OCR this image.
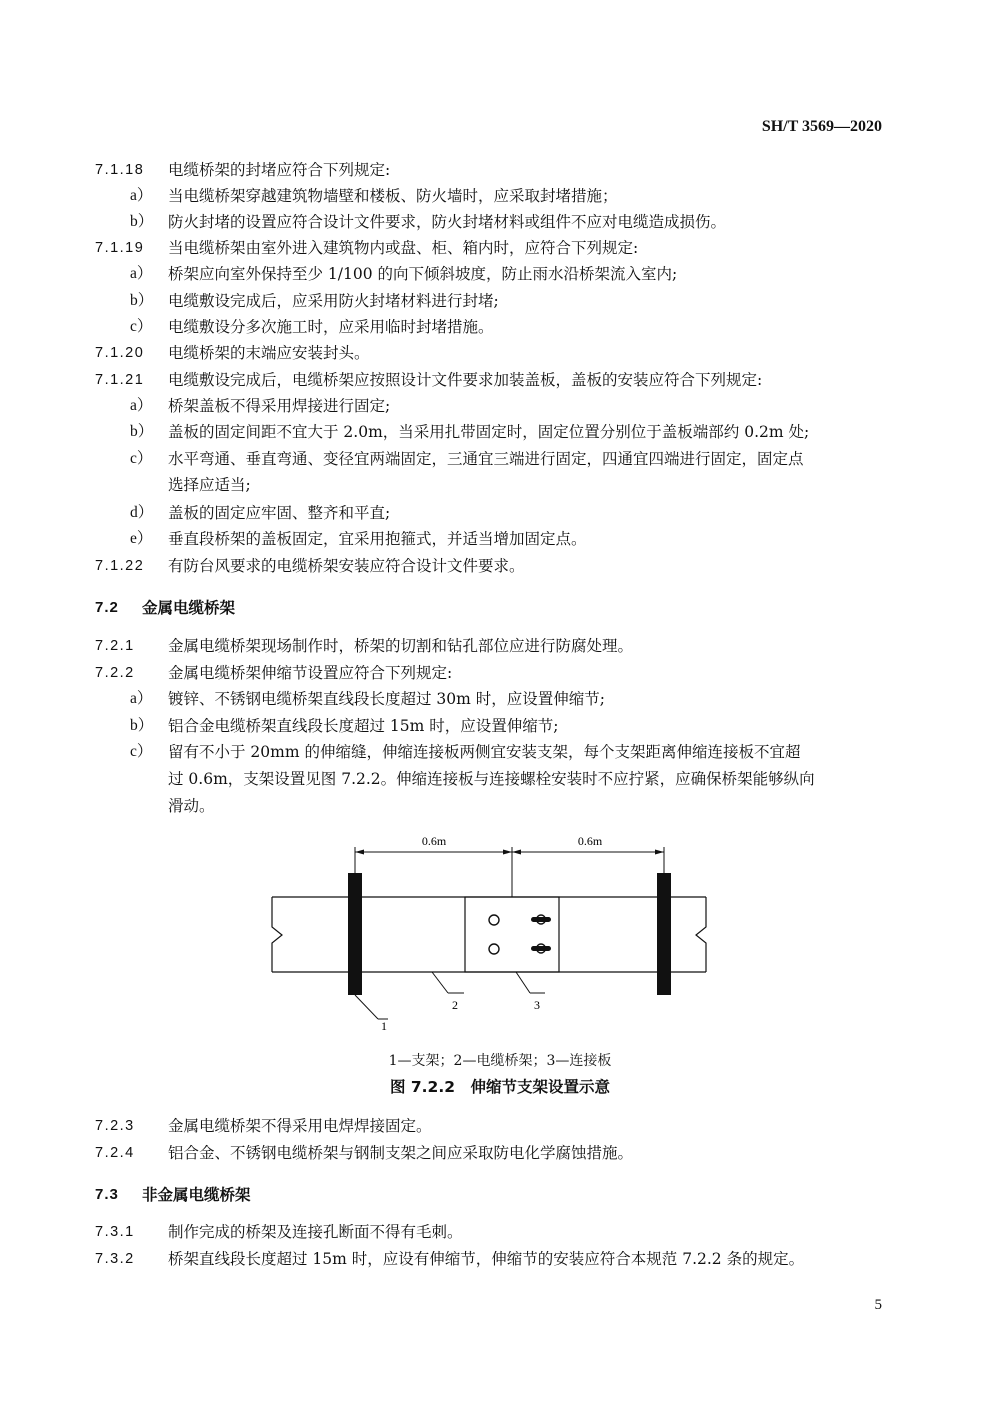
SH/T 3569—2020
7.1.18 电缆桥架的封堵应符合下列规定:
a） 当电缆桥架穿越建筑物墙壁和楼板、防火墙时，应采取封堵措施；
b） 防火封堵的设置应符合设计文件要求，防火封堵材料或组件不应对电缆造成损伤。
7.1.19 当电缆桥架由室外进入建筑物内或盘、柜、箱内时，应符合下列规定:
a） 桥架应向室外保持至少 1/100 的向下倾斜坡度，防止雨水沿桥架流入室内;
b） 电缆敷设完成后，应采用防火封堵材料进行封堵;
c） 电缆敷设分多次施工时，应采用临时封堵措施。
7.1.20 电缆桥架的末端应安装封头。
7.1.21 电缆敷设完成后，电缆桥架应按照设计文件要求加装盖板，盖板的安装应符合下列规定:
a） 桥架盖板不得采用焊接进行固定;
b） 盖板的固定间距不宜大于 2.0m，当采用扎带固定时，固定位置分别位于盖板端部约 0.2m 处;
c） 水平弯通、垂直弯通、变径宜两端固定，三通宜三端进行固定，四通宜四端进行固定，固定点
选择应适当;
d） 盖板的固定应牢固、整齐和平直;
e） 垂直段桥架的盖板固定，宜采用抱箍式，并适当增加固定点。
7.1.22 有防台风要求的电缆桥架安装应符合设计文件要求。
7.2 金属电缆桥架
7.2.1 金属电缆桥架现场制作时，桥架的切割和钻孔部位应进行防腐处理。
7.2.2 金属电缆桥架伸缩节设置应符合下列规定:
a） 镀锌、不锈钢电缆桥架直线段长度超过 30m 时，应设置伸缩节;
b） 铝合金电缆桥架直线段长度超过 15m 时，应设置伸缩节;
c） 留有不小于 20mm 的伸缩缝，伸缩连接板两侧宜安装支架，每个支架距离伸缩连接板不宜超
过 0.6m，支架设置见图 7.2.2。伸缩连接板与连接螺栓安装时不应拧紧，应确保桥架能够纵向
滑动。
0.6m	0.6m
1
2	3
1—支架；2—电缆桥架；3—连接板
图 7.2.2　伸缩节支架设置示意
7.2.3 金属电缆桥架不得采用电焊焊接固定。
7.2.4 铝合金、不锈钢电缆桥架与钢制支架之间应采取防电化学腐蚀措施。
7.3 非金属电缆桥架
7.3.1 制作完成的桥架及连接孔断面不得有毛刺。
7.3.2 桥架直线段长度超过 15m 时，应设有伸缩节，伸缩节的安装应符合本规范 7.2.2 条的规定。
5
